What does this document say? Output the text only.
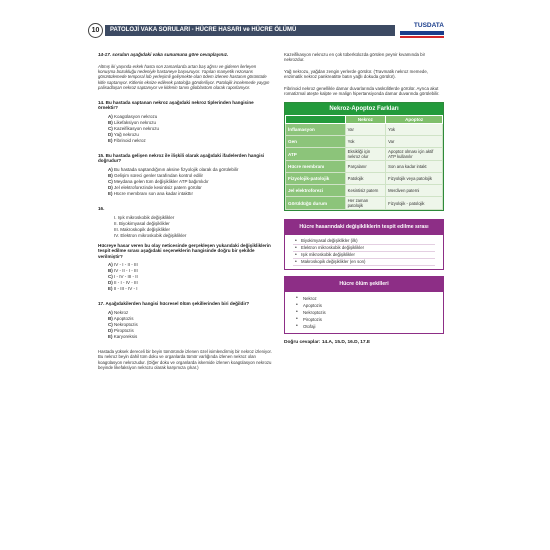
10	PATOLOJİ VAKA SORULARI - HÜCRE HASARI ve HÜCRE ÖLÜMÜ
TUSDATA
14-17. soruları aşağıdaki vaka sunumuna göre cevaplayınız.
Altmış iki yaşında erkek hasta son zamanlarda artan baş ağrısı ve gideren ilerleyen konuşma bozukluğu nedeniyle hastaneye başvuruyor. Yapılan manyetik rezonans görüntülemede temporal lob yerleşimli gelişmekte olan ödem izlenen hastanın görüntüde kitle saptanıyor. Kitlenin eksize edilerek patoloğa gönderiliyor. Patolojik incelemede yaygın palisadlaşan nekroz saptanıyor ve kitlenin tanısı glioblastom olarak raporlanıyor.
14. Bu hastada saptanan nekroz aşağıdaki nekroz tiplerinden hangisine örnektir?
A) Koagülasyon nekrozu
B) Likefaksiyon nekrozu
C) Kazeifikasyon nekrozu
D) Yağ nekrozu
E) Fibrinoid nekroz
15. Bu hastada gelişen nekroz ile ilişkili olarak aşağıdaki ifadelerden hangisi doğrudur?
A) Bu hastada saptandığının aksine fizyolojik olarak da görülebilir
B) Gelişim süreci genler tarafından kontrol edilir
C) Meydana gelen tüm değişiklikler ATP bağımlıdır
D) Jel elektroforezinde kesintisiz patern görülür
E) Hücre membranı son ana kadar intakttır
16.
I. Işık mikroskobik değişiklikler
II. Biyokimyasal değişiklikler
III. Makroskopik değişiklikler
IV. Elektron mikroskobik değişiklikler
Hücreye hasar veren bu olay neticesinde gerçekleşen yukarıdaki değişikliklerin tespit edilme sırası aşağıdaki seçeneklerin hangisinde doğru bir şekilde verilmiştir?
A) IV - I - II - III
B) IV - II - I - III
C) I - IV - III - II
D) II - I - IV - III
E) II - III - IV - I
17. Aşağıdakilerden hangisi hücresel ölüm şekillerinden biri değildir?
A) Nekroz
B) Apoptozis
C) Nekroptozis
D) Piroptozis
E) Karyoreksis
Hastada yüksek dereceli bir beyin tümöründe izlenen özel isimlendirmiş bir nekroz izleniyor. Bu nekroz beyin dahil tüm doku ve organlarda tümör varlığında izlenen nekroz olan koagülasyon nekrozudur. (Diğer doku ve organlarda iskemide izlenen koagülasyon nekrozu beyinde likefaksiyon nekrozu olarak karşımıza çıkar.)
Kazeifikasyon nekrozu en çok tüberkülozda görülen peynir kıvamında bir nekrozdur.
Yağ nekrozu, yağdan zengin yerlerde görülür. (Travmatik nekroz memede, enzimatik nekroz pankreatitte batın yağlı dokuda görülür).
Fibrinoid nekroz genellikle damar duvarlarında vaskülitlerde görülür. Ayrıca akut romatizmal ateşte kalpte ve malign hipertansiyonda damar duvarında görülebilir.
Nekroz-Apoptoz Farkları
	Nekroz	Apoptoz
İnflamasyon	Var	Yok
Gen	Yok	Var
ATP	Eksikliği için nekroz olur	Apoptoz olması için aktif ATP kullanılır
Hücre membranı	Parçalanır	Son ana kadar intakt
Fizyolojik-patolojik	Patolojik	Fizyolojik veya patolojik
Jel elektroforezi	Kesintisiz patern	Merdiven paterni
Görüldüğü durum	Her zaman patolojik	Fizyolojik - patolojik
Hücre hasarındaki değişikliklerin tespit edilme sırası
• Biyokimyasal değişiklikler (ilk)
• Elektron mikroskobik değişiklikler
• Işık mikroskobik değişiklikler
• Makroskopik değişiklikler (en son)
Hücre ölüm şekilleri
• Nekroz
• Apoptozis
• Nekroptozis
• Piroptozis
• Otofaji
Doğru cevaplar: 14.A, 15.D, 16.D, 17.E
